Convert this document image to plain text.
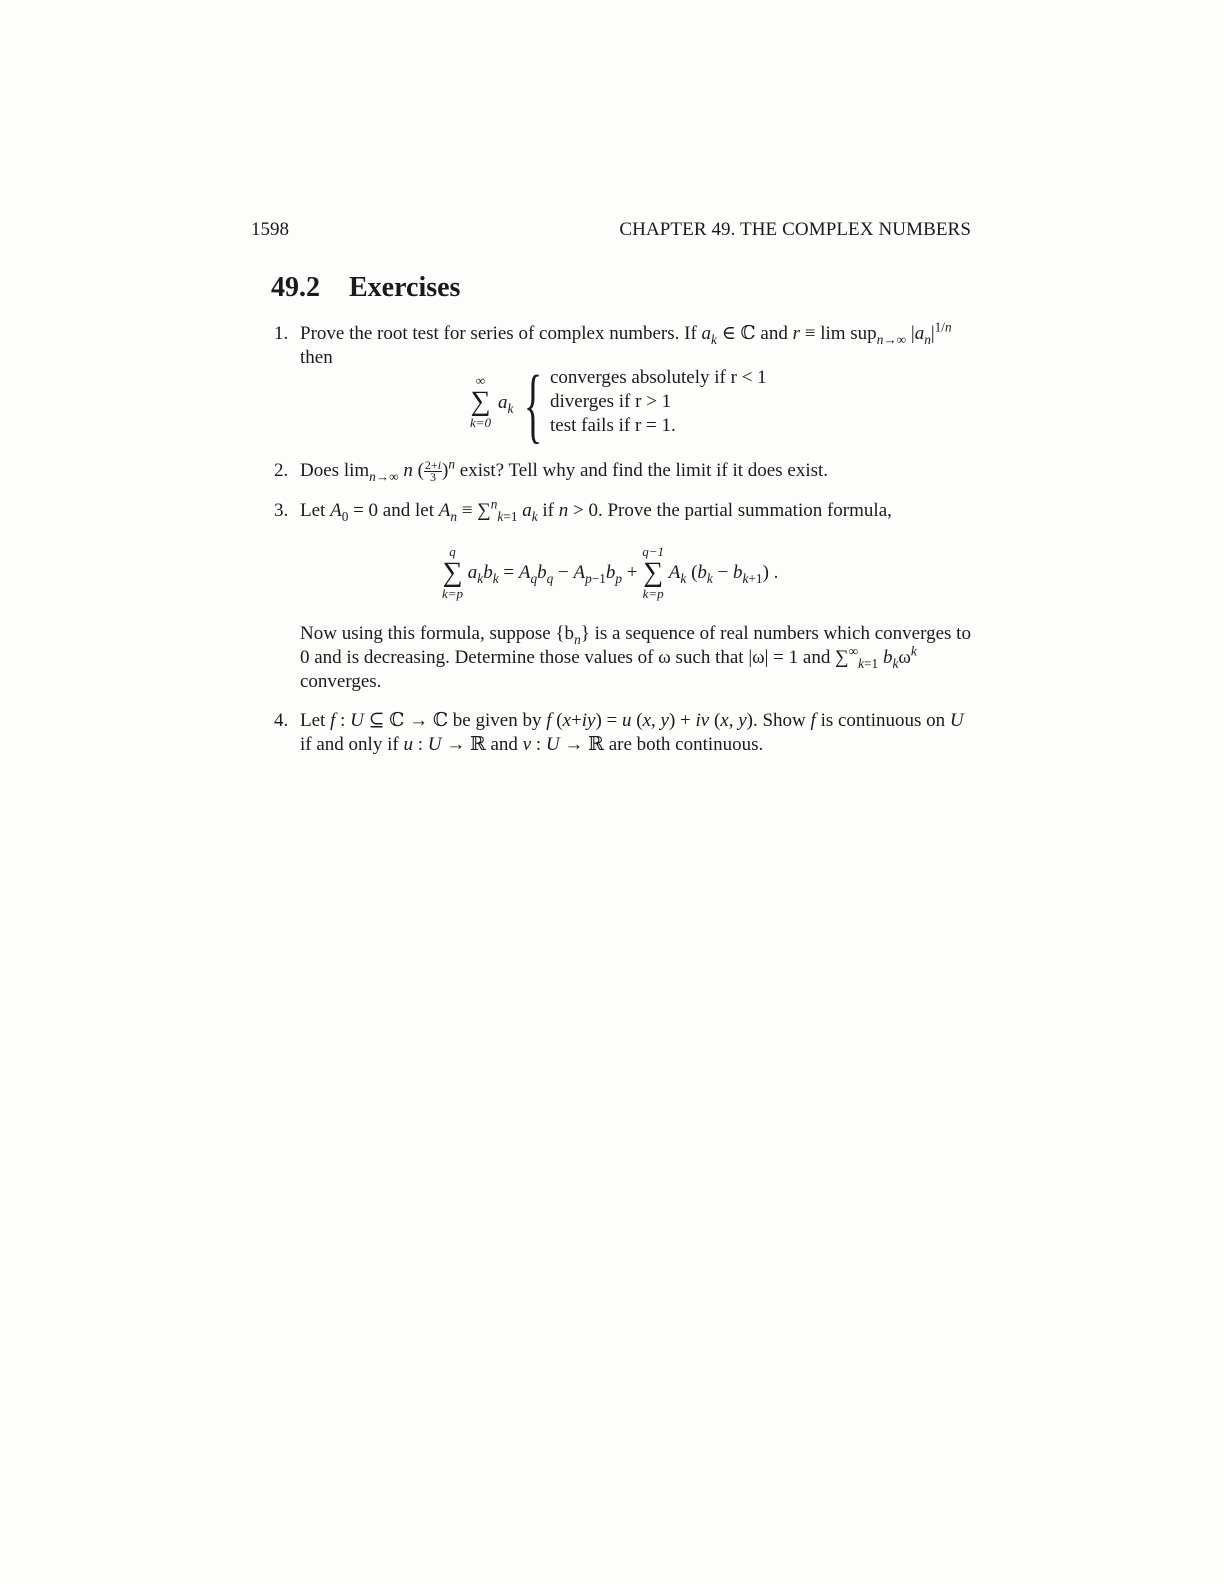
1598	CHAPTER 49. THE COMPLEX NUMBERS
49.2 Exercises
1. Prove the root test for series of complex numbers. If $a_k$ ∈ ℂ and r ≡ lim sup$_{n\to\infty}$ $|a_n|^{1/n}$
then
∞
∑
k=0
$a_k$ { converges absolutely if r < 1
diverges if r > 1
test fails if r = 1.
2. Does $\lim_{n\to\infty} n$ ( $\frac{2+i}{3} )^n$ exist? Tell why and find the limit if it does exist.
3. Let $A_0 = 0$ and let $A_n \equiv \sum^n_{k=1}$ $a_k$ if n > 0. Prove the partial summation formula,
q
∑
k=p
$a_kb_k = A_qb_q - A_{p-1}b_p$ +
q−1
∑
k=p
$A_k$ $(b_k - b_{k+1})$ .
Now using this formula, suppose $\{b_n\}$ is a sequence of real numbers which converges to 0 and is decreasing. Determine those values of ω such that |ω| = 1 and $\sum^\infty_{k=1}$ $b_k\omega^k$ converges.
4. Let f : U ⊆ ℂ → ℂ be given by f (x+iy) = u (x, y) + iv (x, y). Show f is continuous on U if and only if u : U → ℝ and v : U → ℝ are both continuous.
